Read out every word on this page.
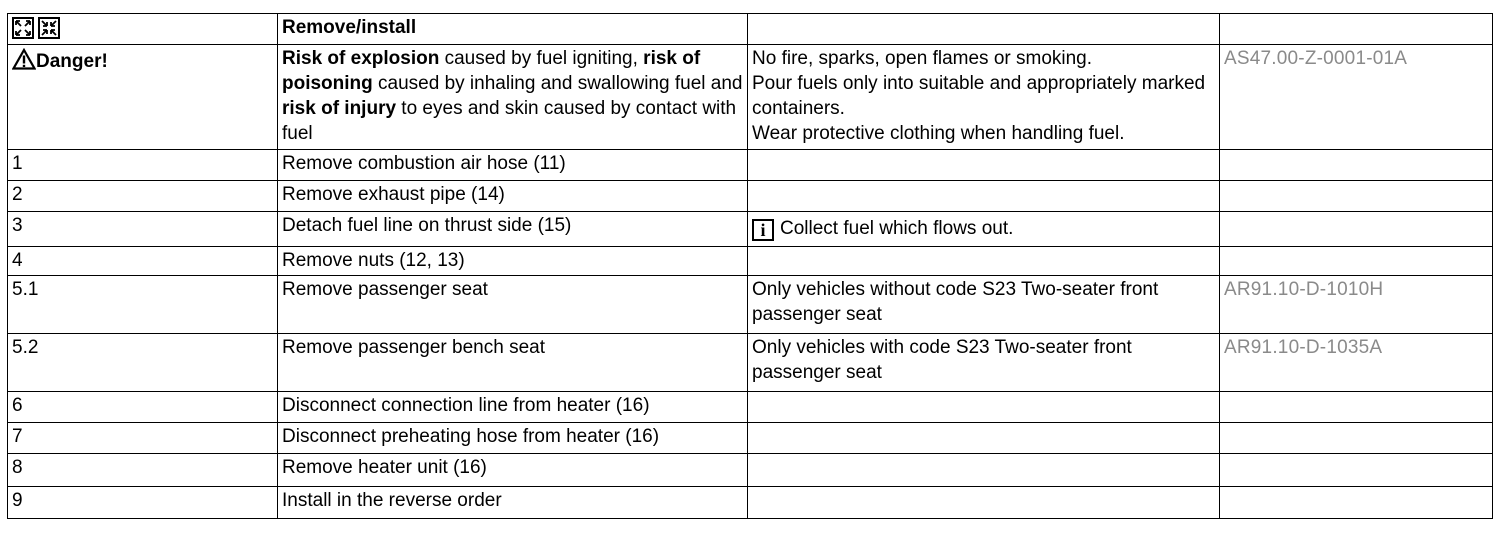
	Remove/install		
Danger!	Risk of explosion caused by fuel igniting, risk of poisoning caused by inhaling and swallowing fuel and risk of injury to eyes and skin caused by contact with fuel	No fire, sparks, open flames or smoking.
Pour fuels only into suitable and appropriately marked containers.
Wear protective clothing when handling fuel.	AS47.00-Z-0001-01A
1	Remove combustion air hose (11)		
2	Remove exhaust pipe (14)		
3	Detach fuel line on thrust side (15)	i Collect fuel which flows out.	
4	Remove nuts (12, 13)		
5.1	Remove passenger seat	Only vehicles without code S23 Two-seater front passenger seat	AR91.10-D-1010H
5.2	Remove passenger bench seat	Only vehicles with code S23 Two-seater front passenger seat	AR91.10-D-1035A
6	Disconnect connection line from heater (16)		
7	Disconnect preheating hose from heater (16)		
8	Remove heater unit (16)		
9	Install in the reverse order		
